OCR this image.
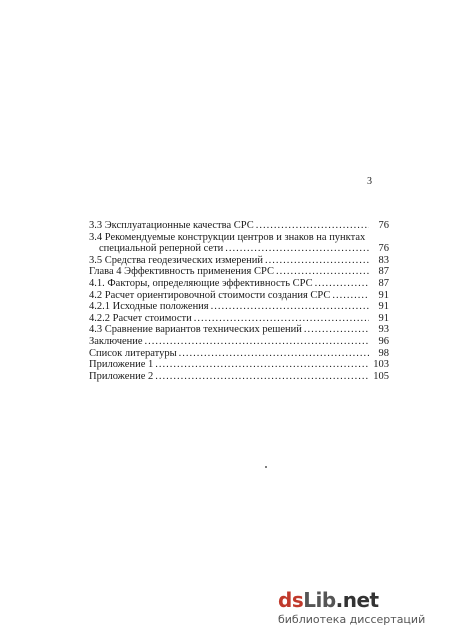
3
3.3 Эксплуатационные качества СРС .....	76
3.4 Рекомендуемые конструкции центров и знаков на пунктах
специальной реперной сети .....	76
3.5 Средства геодезических измерений .....	83
Глава 4 Эффективность применения СРС .....	87
4.1. Факторы, определяющие эффективность СРС .....	87
4.2 Расчет ориентировочной стоимости создания СРС .....	91
4.2.1 Исходные положения .....	91
4.2.2 Расчет стоимости .....	91
4.3 Сравнение вариантов технических решений .....	93
Заключение .....	96
Список литературы .....	98
Приложение 1 .....	103
Приложение 2 .....	105
dsLib.net
библиотека диссертаций
